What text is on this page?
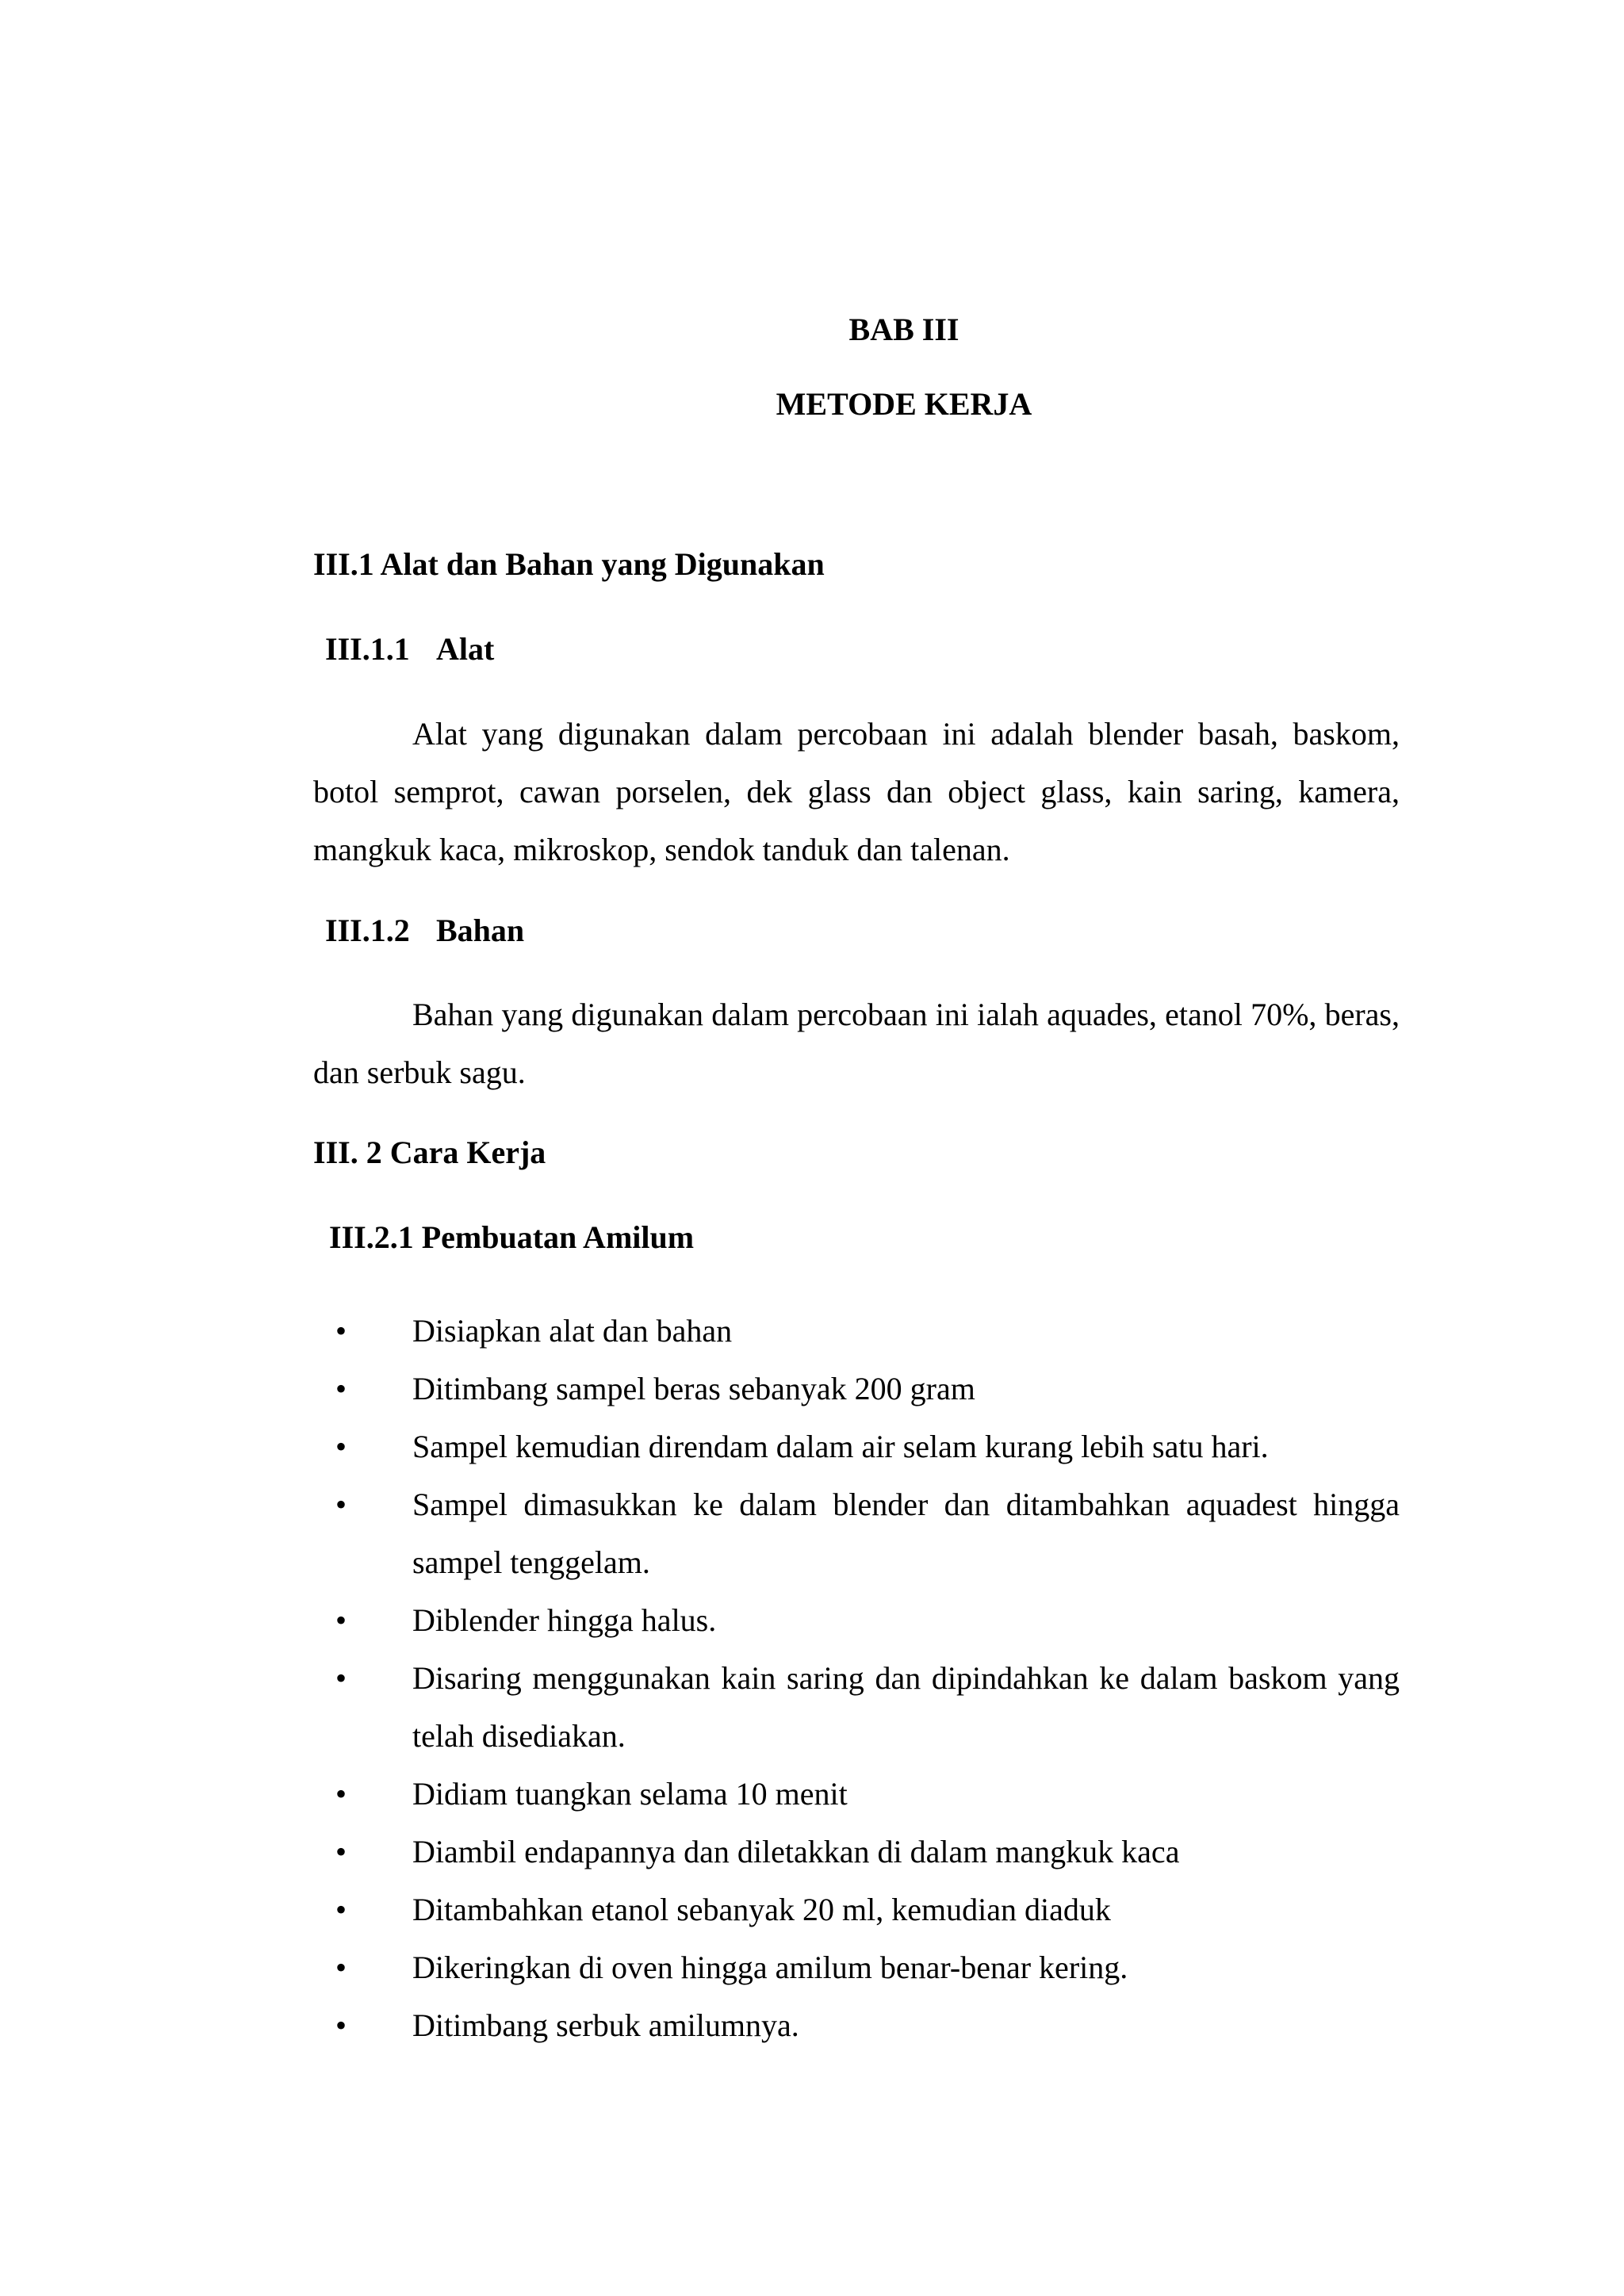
BAB III
METODE KERJA
III.1 Alat dan Bahan yang Digunakan
III.1.1 Alat

Alat yang digunakan dalam percobaan ini adalah blender basah, baskom, botol semprot, cawan porselen, dek glass dan object glass, kain saring, kamera, mangkuk kaca, mikroskop, sendok tanduk dan talenan.

III.1.2 Bahan

Bahan yang digunakan dalam percobaan ini ialah aquades, etanol 70%, beras, dan serbuk sagu.

III. 2 Cara Kerja
III.2.1 Pembuatan Amilum
• Disiapkan alat dan bahan
• Ditimbang sampel beras sebanyak 200 gram
• Sampel kemudian direndam dalam air selam kurang lebih satu hari.
• Sampel dimasukkan ke dalam blender dan ditambahkan aquadest hingga sampel tenggelam.
• Diblender hingga halus.
• Disaring menggunakan kain saring dan dipindahkan ke dalam baskom yang telah disediakan.
• Didiam tuangkan selama 10 menit
• Diambil endapannya dan diletakkan di dalam mangkuk kaca
• Ditambahkan etanol sebanyak 20 ml, kemudian diaduk
• Dikeringkan di oven hingga amilum benar-benar kering.
• Ditimbang serbuk amilumnya.
